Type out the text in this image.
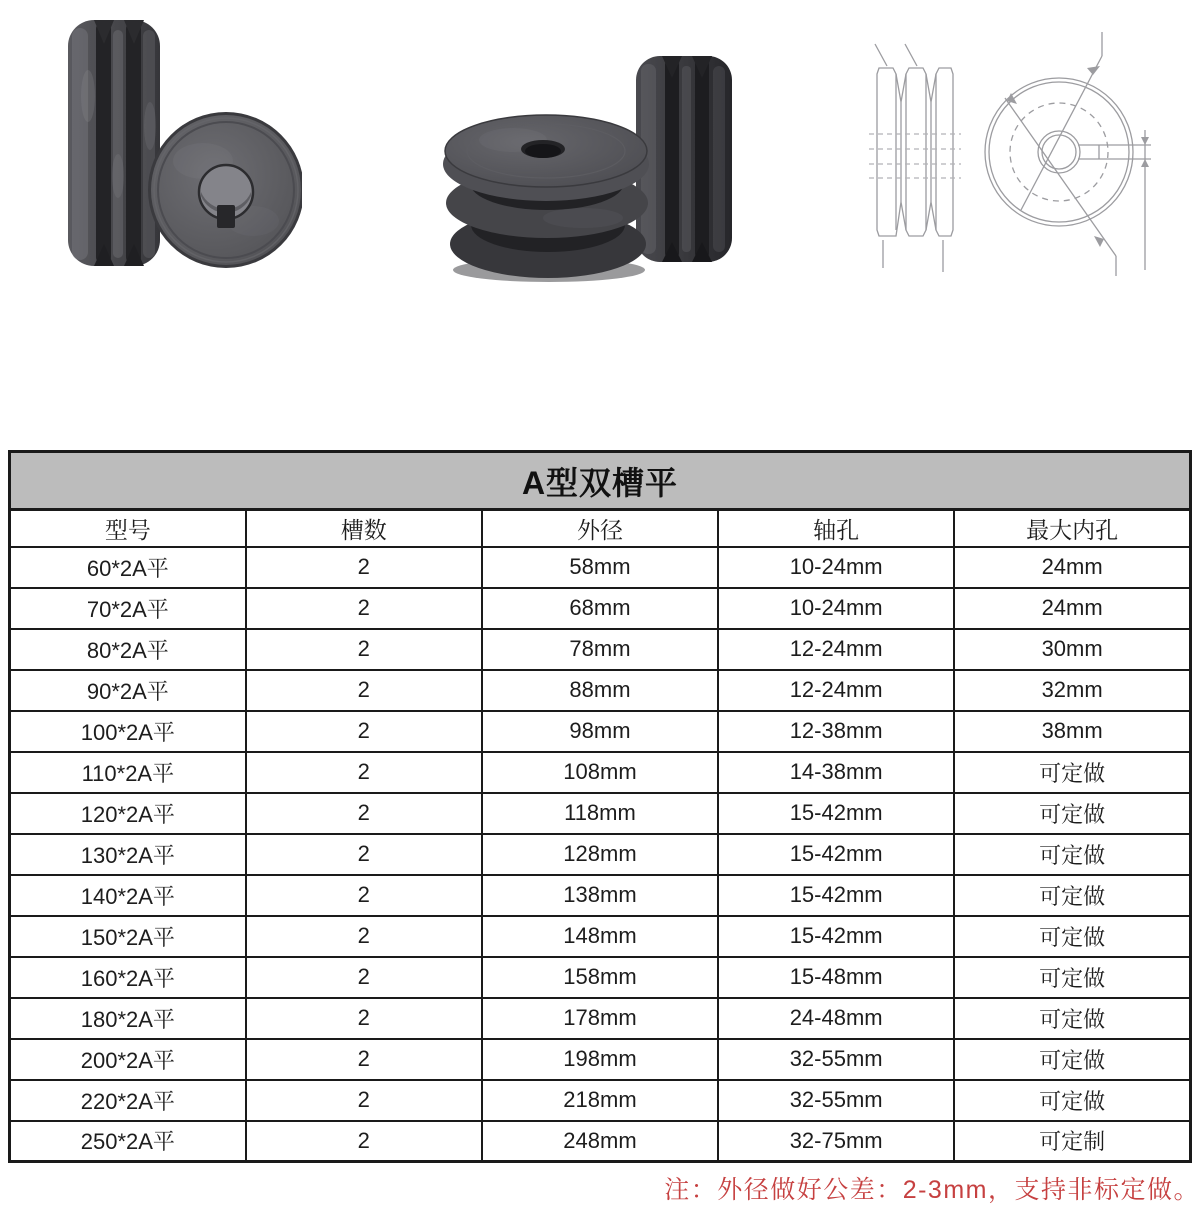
A型双槽平				
型号	槽数	外径	轴孔	最大内孔
60*2A平	2	58mm	10-24mm	24mm
70*2A平	2	68mm	10-24mm	24mm
80*2A平	2	78mm	12-24mm	30mm
90*2A平	2	88mm	12-24mm	32mm
100*2A平	2	98mm	12-38mm	38mm
110*2A平	2	108mm	14-38mm	可定做
120*2A平	2	118mm	15-42mm	可定做
130*2A平	2	128mm	15-42mm	可定做
140*2A平	2	138mm	15-42mm	可定做
150*2A平	2	148mm	15-42mm	可定做
160*2A平	2	158mm	15-48mm	可定做
180*2A平	2	178mm	24-48mm	可定做
200*2A平	2	198mm	32-55mm	可定做
220*2A平	2	218mm	32-55mm	可定做
250*2A平	2	248mm	32-75mm	可定制
注：外径做好公差：2-3mm，支持非标定做。
